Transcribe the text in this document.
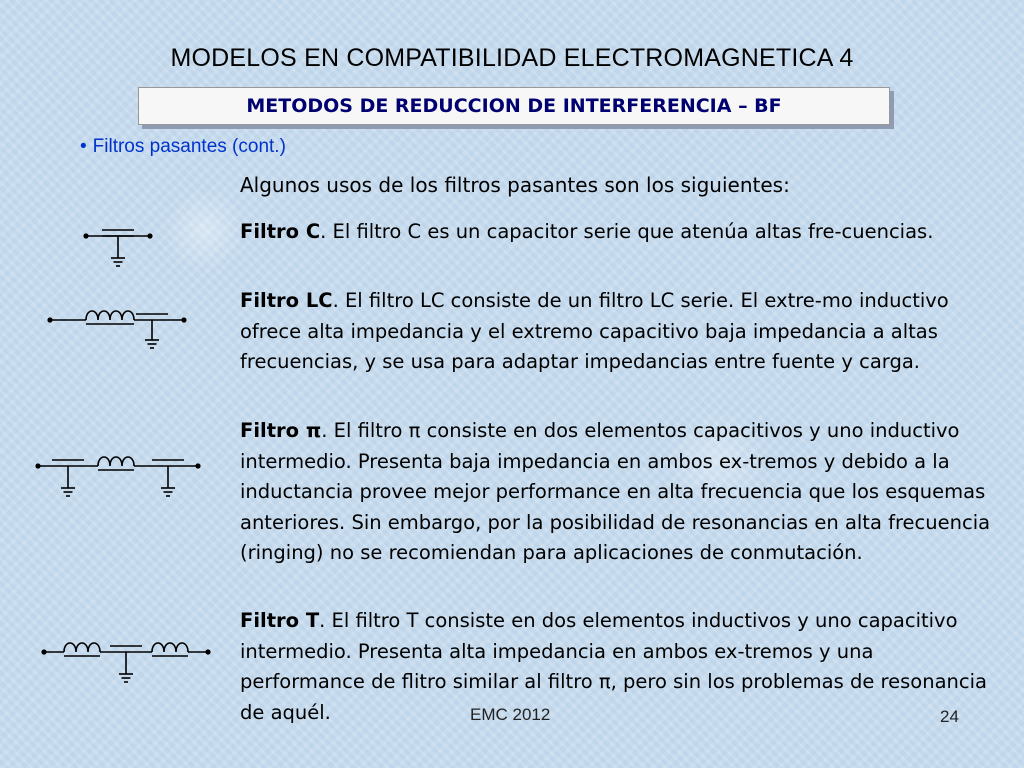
MODELOS EN COMPATIBILIDAD ELECTROMAGNETICA 4
METODOS DE REDUCCION DE INTERFERENCIA – BF
• Filtros pasantes (cont.)
Algunos usos de los filtros pasantes son los siguientes:
Filtro C. El filtro C es un capacitor serie que atenúa altas fre-cuencias.
Filtro LC. El filtro LC consiste de un filtro LC serie. El extre-mo inductivo ofrece alta impedancia y el extremo capacitivo baja impedancia a altas frecuencias, y se usa para adaptar impedancias entre fuente y carga.
Filtro π. El filtro π consiste en dos elementos capacitivos y uno inductivo intermedio. Presenta baja impedancia en ambos ex-tremos y debido a la inductancia provee mejor performance en alta frecuencia que los esquemas anteriores. Sin embargo, por la posibilidad de resonancias en alta frecuencia (ringing) no se recomiendan para aplicaciones de conmutación.
Filtro T. El filtro T consiste en dos elementos inductivos y uno capacitivo intermedio. Presenta alta impedancia en ambos ex-tremos y una performance de flitro similar al filtro π, pero sin los problemas de resonancia de aquél.	EMC 2012	24
